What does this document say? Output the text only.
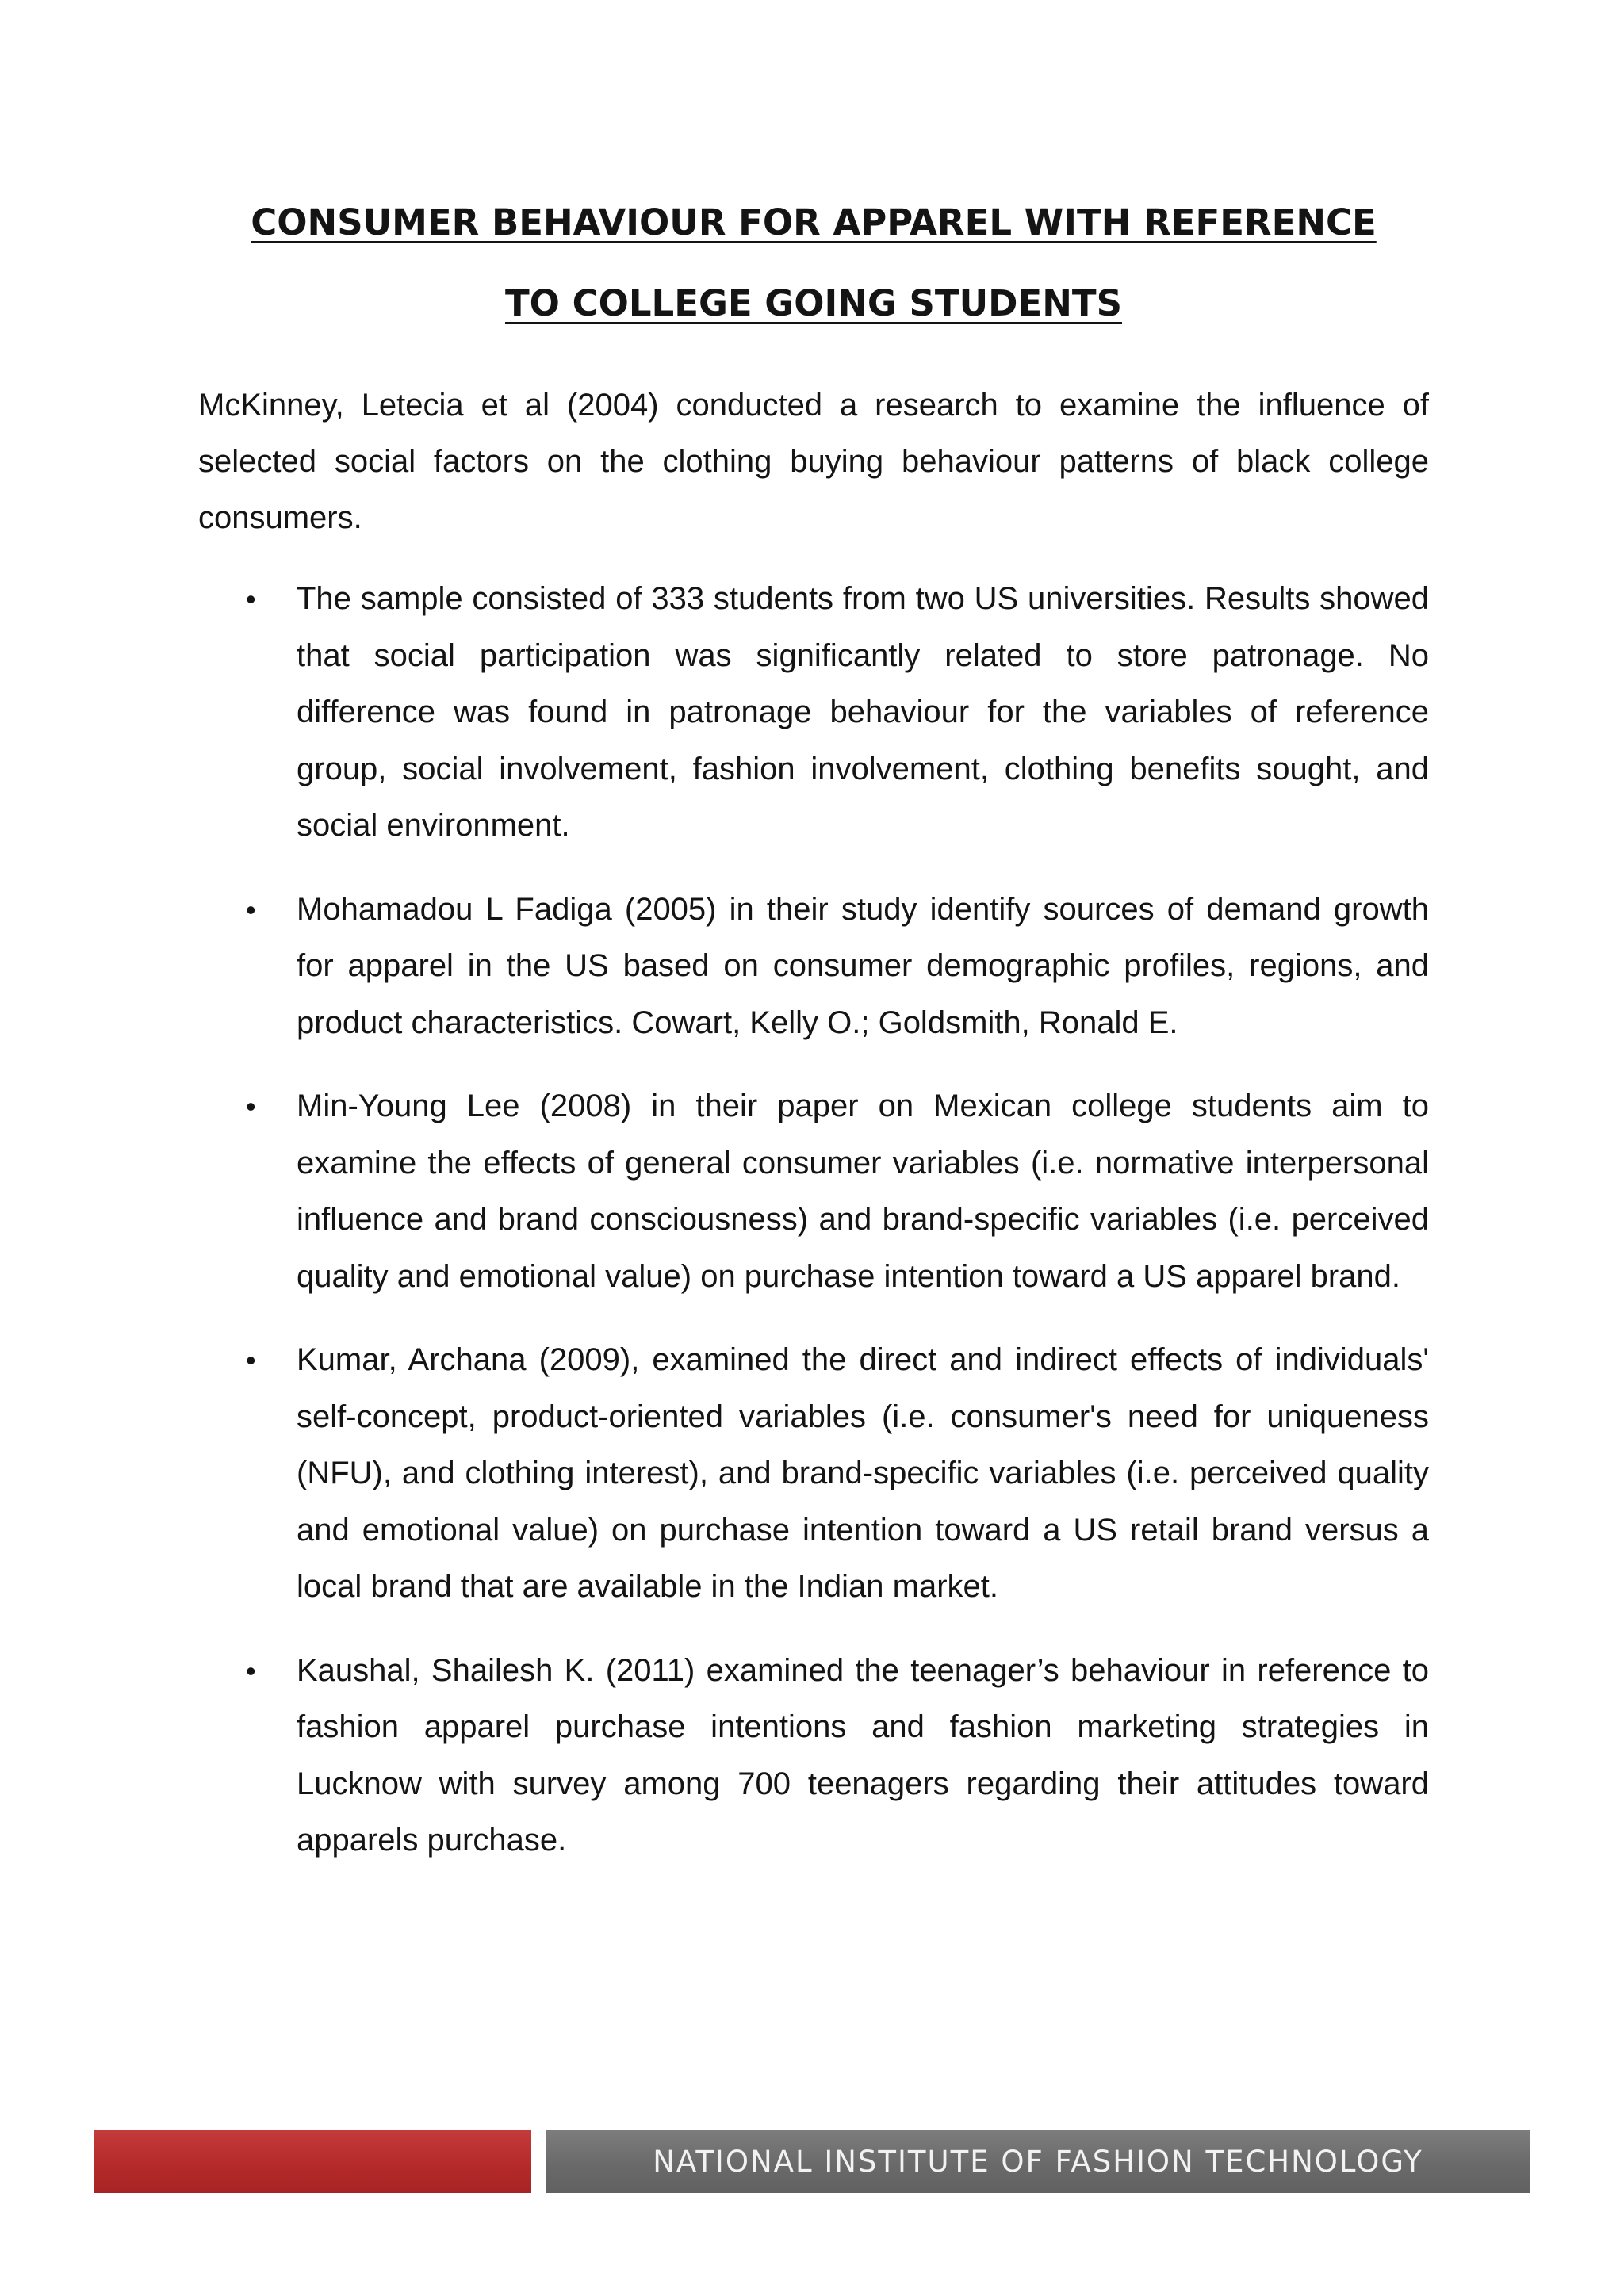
CONSUMER BEHAVIOUR FOR APPAREL WITH REFERENCE
TO COLLEGE GOING STUDENTS

McKinney, Letecia et al (2004) conducted a research to examine the influence of selected social factors on the clothing buying behaviour patterns of black college consumers.

• The sample consisted of 333 students from two US universities. Results showed that social participation was significantly related to store patronage. No difference was found in patronage behaviour for the variables of reference group, social involvement, fashion involvement, clothing benefits sought, and social environment.
• Mohamadou L Fadiga (2005) in their study identify sources of demand growth for apparel in the US based on consumer demographic profiles, regions, and product characteristics. Cowart, Kelly O.; Goldsmith, Ronald E.
• Min-Young Lee (2008) in their paper on Mexican college students aim to examine the effects of general consumer variables (i.e. normative interpersonal influence and brand consciousness) and brand-specific variables (i.e. perceived quality and emotional value) on purchase intention toward a US apparel brand.
• Kumar, Archana (2009), examined the direct and indirect effects of individuals' self-concept, product-oriented variables (i.e. consumer's need for uniqueness (NFU), and clothing interest), and brand-specific variables (i.e. perceived quality and emotional value) on purchase intention toward a US retail brand versus a local brand that are available in the Indian market.
• Kaushal, Shailesh K. (2011) examined the teenager’s behaviour in reference to fashion apparel purchase intentions and fashion marketing strategies in Lucknow with survey among 700 teenagers regarding their attitudes toward apparels purchase.
NATIONAL INSTITUTE OF FASHION TECHNOLOGY
